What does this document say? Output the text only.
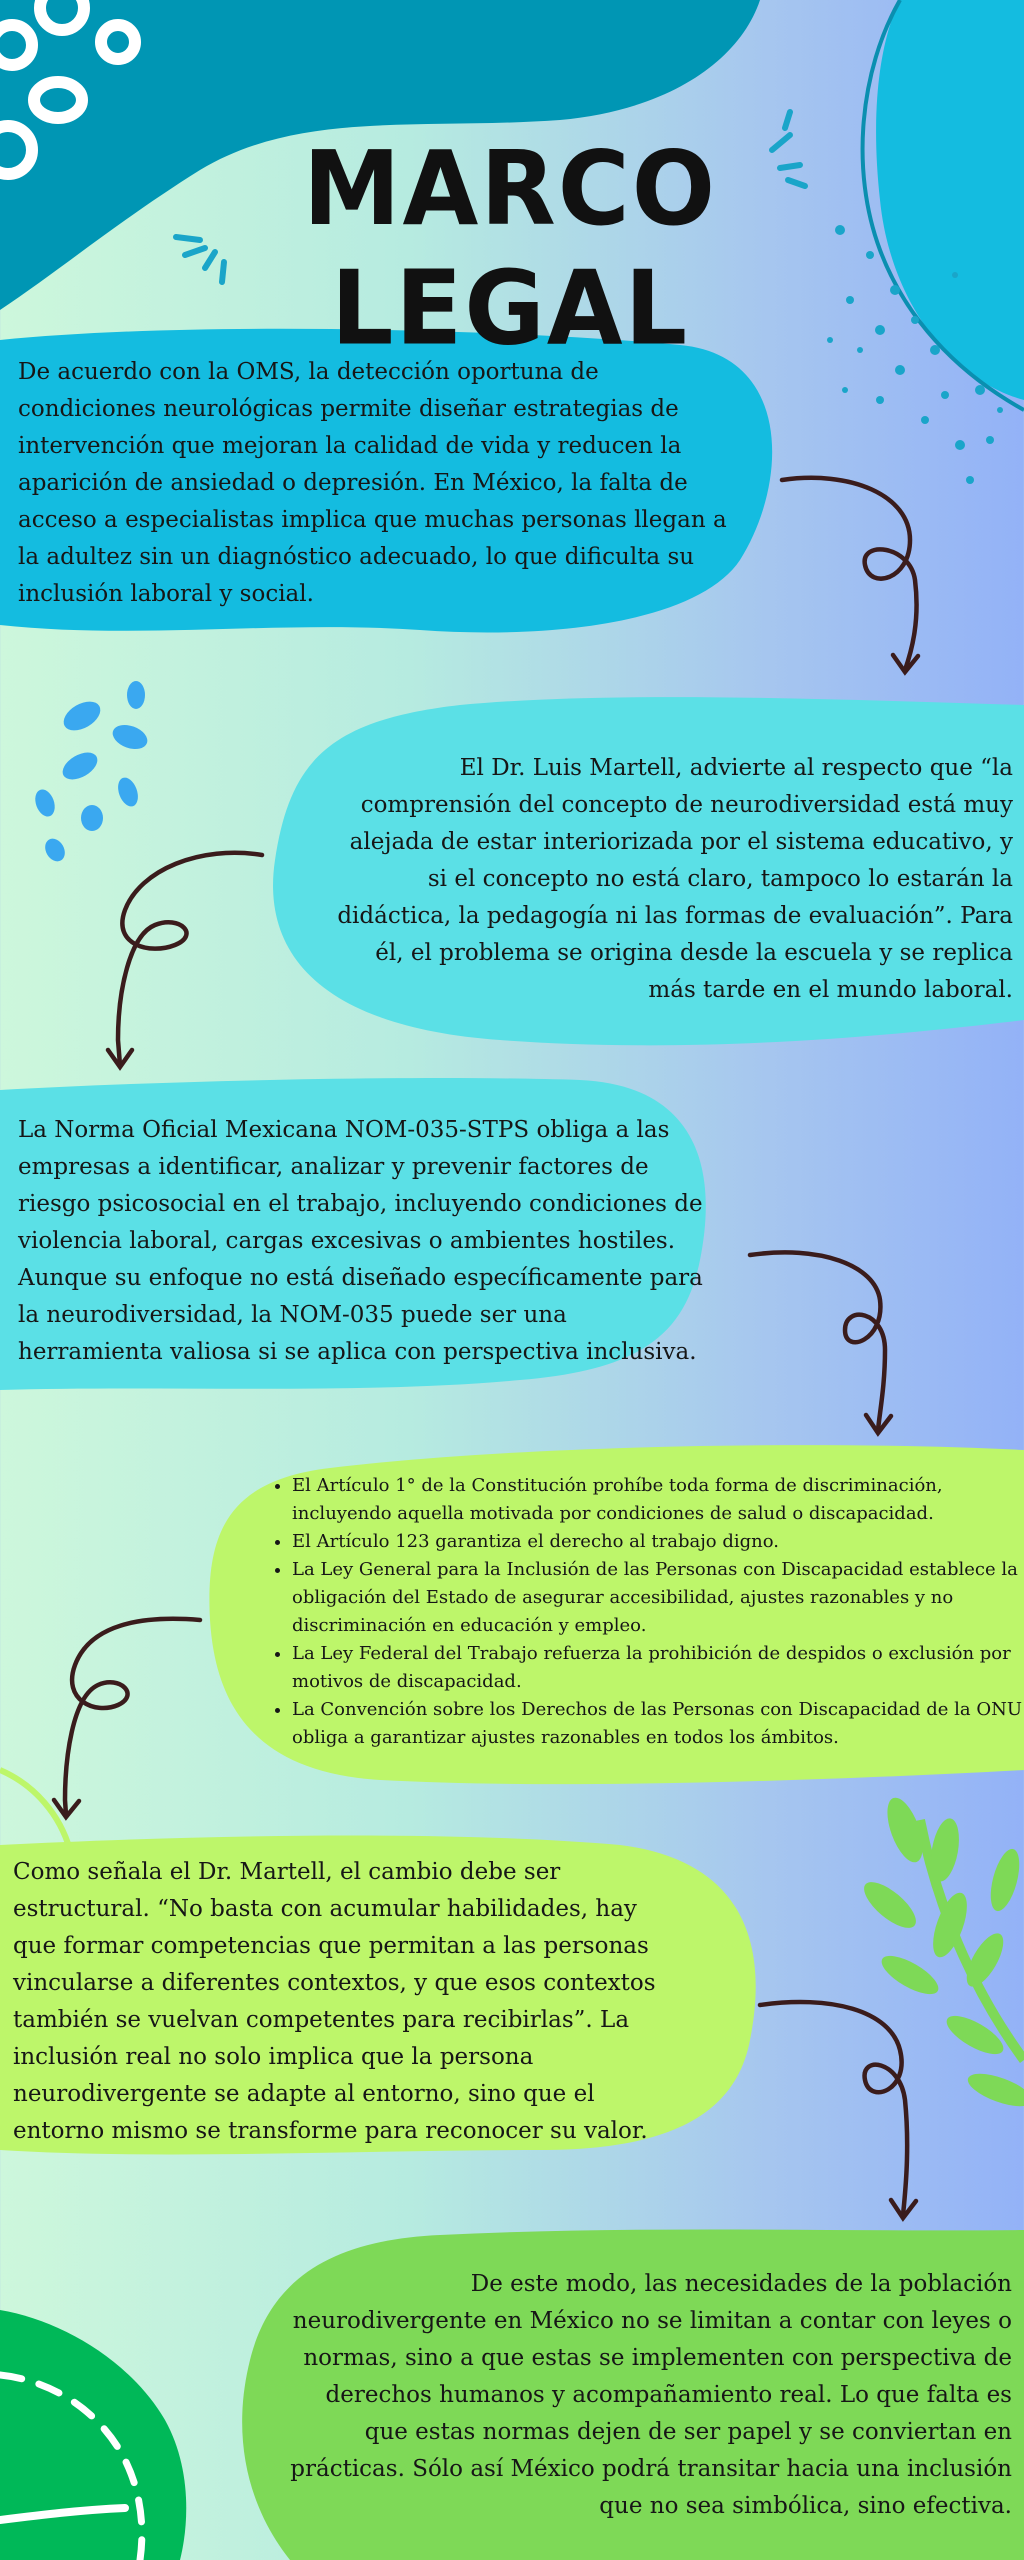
MARCO LEGAL
De acuerdo con la OMS, la detección oportuna de condiciones neurológicas permite diseñar estrategias de intervención que mejoran la calidad de vida y reducen la aparición de ansiedad o depresión. En México, la falta de acceso a especialistas implica que muchas personas llegan a la adultez sin un diagnóstico adecuado, lo que dificulta su inclusión laboral y social.
El Dr. Luis Martell, advierte al respecto que “la comprensión del concepto de neurodiversidad está muy alejada de estar interiorizada por el sistema educativo, y si el concepto no está claro, tampoco lo estarán la didáctica, la pedagogía ni las formas de evaluación”. Para él, el problema se origina desde la escuela y se replica más tarde en el mundo laboral.
La Norma Oficial Mexicana NOM-035-STPS obliga a las empresas a identificar, analizar y prevenir factores de riesgo psicosocial en el trabajo, incluyendo condiciones de violencia laboral, cargas excesivas o ambientes hostiles. Aunque su enfoque no está diseñado específicamente para la neurodiversidad, la NOM-035 puede ser una herramienta valiosa si se aplica con perspectiva inclusiva.
• El Artículo 1° de la Constitución prohíbe toda forma de discriminación, incluyendo aquella motivada por condiciones de salud o discapacidad.
• El Artículo 123 garantiza el derecho al trabajo digno.
• La Ley General para la Inclusión de las Personas con Discapacidad establece la obligación del Estado de asegurar accesibilidad, ajustes razonables y no discriminación en educación y empleo.
• La Ley Federal del Trabajo refuerza la prohibición de despidos o exclusión por motivos de discapacidad.
• La Convención sobre los Derechos de las Personas con Discapacidad de la ONU obliga a garantizar ajustes razonables en todos los ámbitos.
Como señala el Dr. Martell, el cambio debe ser estructural. “No basta con acumular habilidades, hay que formar competencias que permitan a las personas vincularse a diferentes contextos, y que esos contextos también se vuelvan competentes para recibirlas”. La inclusión real no solo implica que la persona neurodivergente se adapte al entorno, sino que el entorno mismo se transforme para reconocer su valor.
De este modo, las necesidades de la población neurodivergente en México no se limitan a contar con leyes o normas, sino a que estas se implementen con perspectiva de derechos humanos y acompañamiento real. Lo que falta es que estas normas dejen de ser papel y se conviertan en prácticas. Sólo así México podrá transitar hacia una inclusión que no sea simbólica, sino efectiva.
